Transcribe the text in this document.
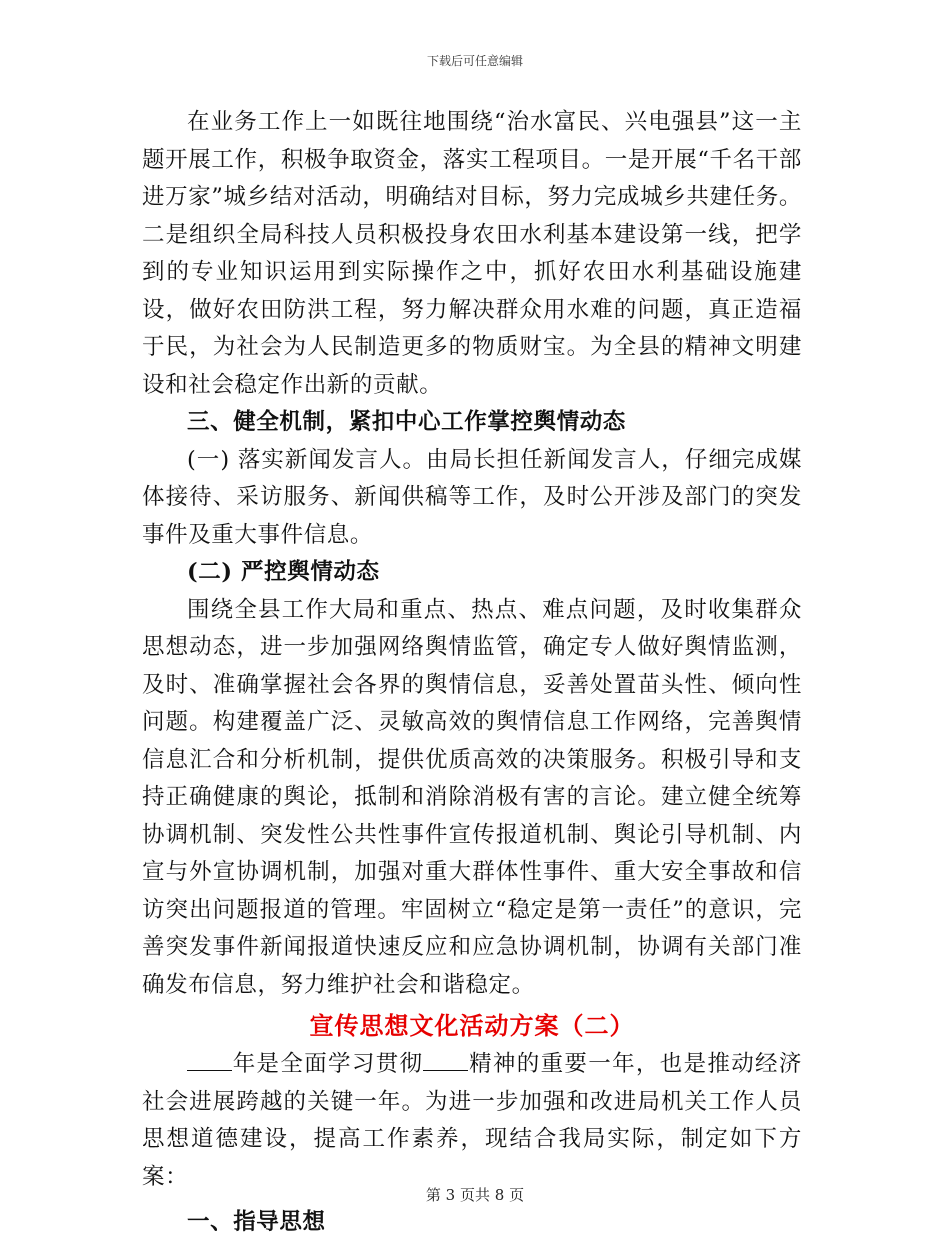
下载后可任意编辑

在业务工作上一如既往地围绕“治水富民、兴电强县”这一主题开展工作，积极争取资金，落实工程项目。一是开展“千名干部进万家”城乡结对活动，明确结对目标，努力完成城乡共建任务。二是组织全局科技人员积极投身农田水利基本建设第一线，把学到的专业知识运用到实际操作之中，抓好农田水利基础设施建设，做好农田防洪工程，努力解决群众用水难的问题，真正造福于民，为社会为人民制造更多的物质财宝。为全县的精神文明建设和社会稳定作出新的贡献。

三、健全机制，紧扣中心工作掌控舆情动态

(一) 落实新闻发言人。由局长担任新闻发言人，仔细完成媒体接待、采访服务、新闻供稿等工作，及时公开涉及部门的突发事件及重大事件信息。

(二) 严控舆情动态

围绕全县工作大局和重点、热点、难点问题，及时收集群众思想动态，进一步加强网络舆情监管，确定专人做好舆情监测，及时、准确掌握社会各界的舆情信息，妥善处置苗头性、倾向性问题。构建覆盖广泛、灵敏高效的舆情信息工作网络，完善舆情信息汇合和分析机制，提供优质高效的决策服务。积极引导和支持正确健康的舆论，抵制和消除消极有害的言论。建立健全统筹协调机制、突发性公共性事件宣传报道机制、舆论引导机制、内宣与外宣协调机制，加强对重大群体性事件、重大安全事故和信访突出问题报道的管理。牢固树立“稳定是第一责任”的意识，完善突发事件新闻报道快速反应和应急协调机制，协调有关部门准确发布信息，努力维护社会和谐稳定。

宣传思想文化活动方案（二）

年是全面学习贯彻 精神的重要一年，也是推动经济社会进展跨越的关键一年。为进一步加强和改进局机关工作人员思想道德建设，提高工作素养，现结合我局实际，制定如下方案：

一、指导思想

第 3 页共 8 页
